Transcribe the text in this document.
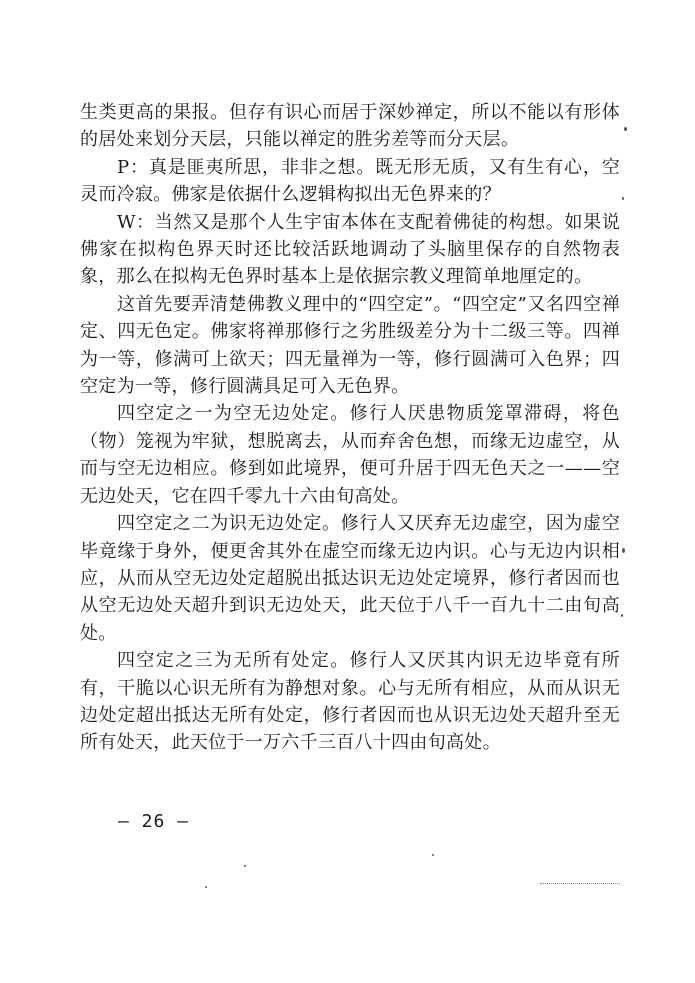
生类更高的果报。但存有识心而居于深妙禅定，所以不能以有形体的居处来划分天层，只能以禅定的胜劣差等而分天层。

P：真是匪夷所思，非非之想。既无形无质，又有生有心，空灵而冷寂。佛家是依据什么逻辑构拟出无色界来的？

W：当然又是那个人生宇宙本体在支配着佛徒的构想。如果说佛家在拟构色界天时还比较活跃地调动了头脑里保存的自然物表象，那么在拟构无色界时基本上是依据宗教义理简单地厘定的。

这首先要弄清楚佛教义理中的“四空定”。“四空定”又名四空禅定、四无色定。佛家将禅那修行之劣胜级差分为十二级三等。四禅为一等，修满可上欲天；四无量禅为一等，修行圆满可入色界；四空定为一等，修行圆满具足可入无色界。

四空定之一为空无边处定。修行人厌患物质笼罩滞碍，将色（物）笼视为牢狱，想脱离去，从而弃舍色想，而缘无边虚空，从而与空无边相应。修到如此境界，便可升居于四无色天之一——空无边处天，它在四千零九十六由旬高处。

四空定之二为识无边处定。修行人又厌弃无边虚空，因为虚空毕竟缘于身外，便更舍其外在虚空而缘无边内识。心与无边内识相应，从而从空无边处定超脱出抵达识无边处定境界，修行者因而也从空无边处天超升到识无边处天，此天位于八千一百九十二由旬高处。

四空定之三为无所有处定。修行人又厌其内识无边毕竟有所有，干脆以心识无所有为静想对象。心与无所有相应，从而从识无边处定超出抵达无所有处定，修行者因而也从识无边处天超升至无所有处天，此天位于一万六千三百八十四由旬高处。

— 26 —
